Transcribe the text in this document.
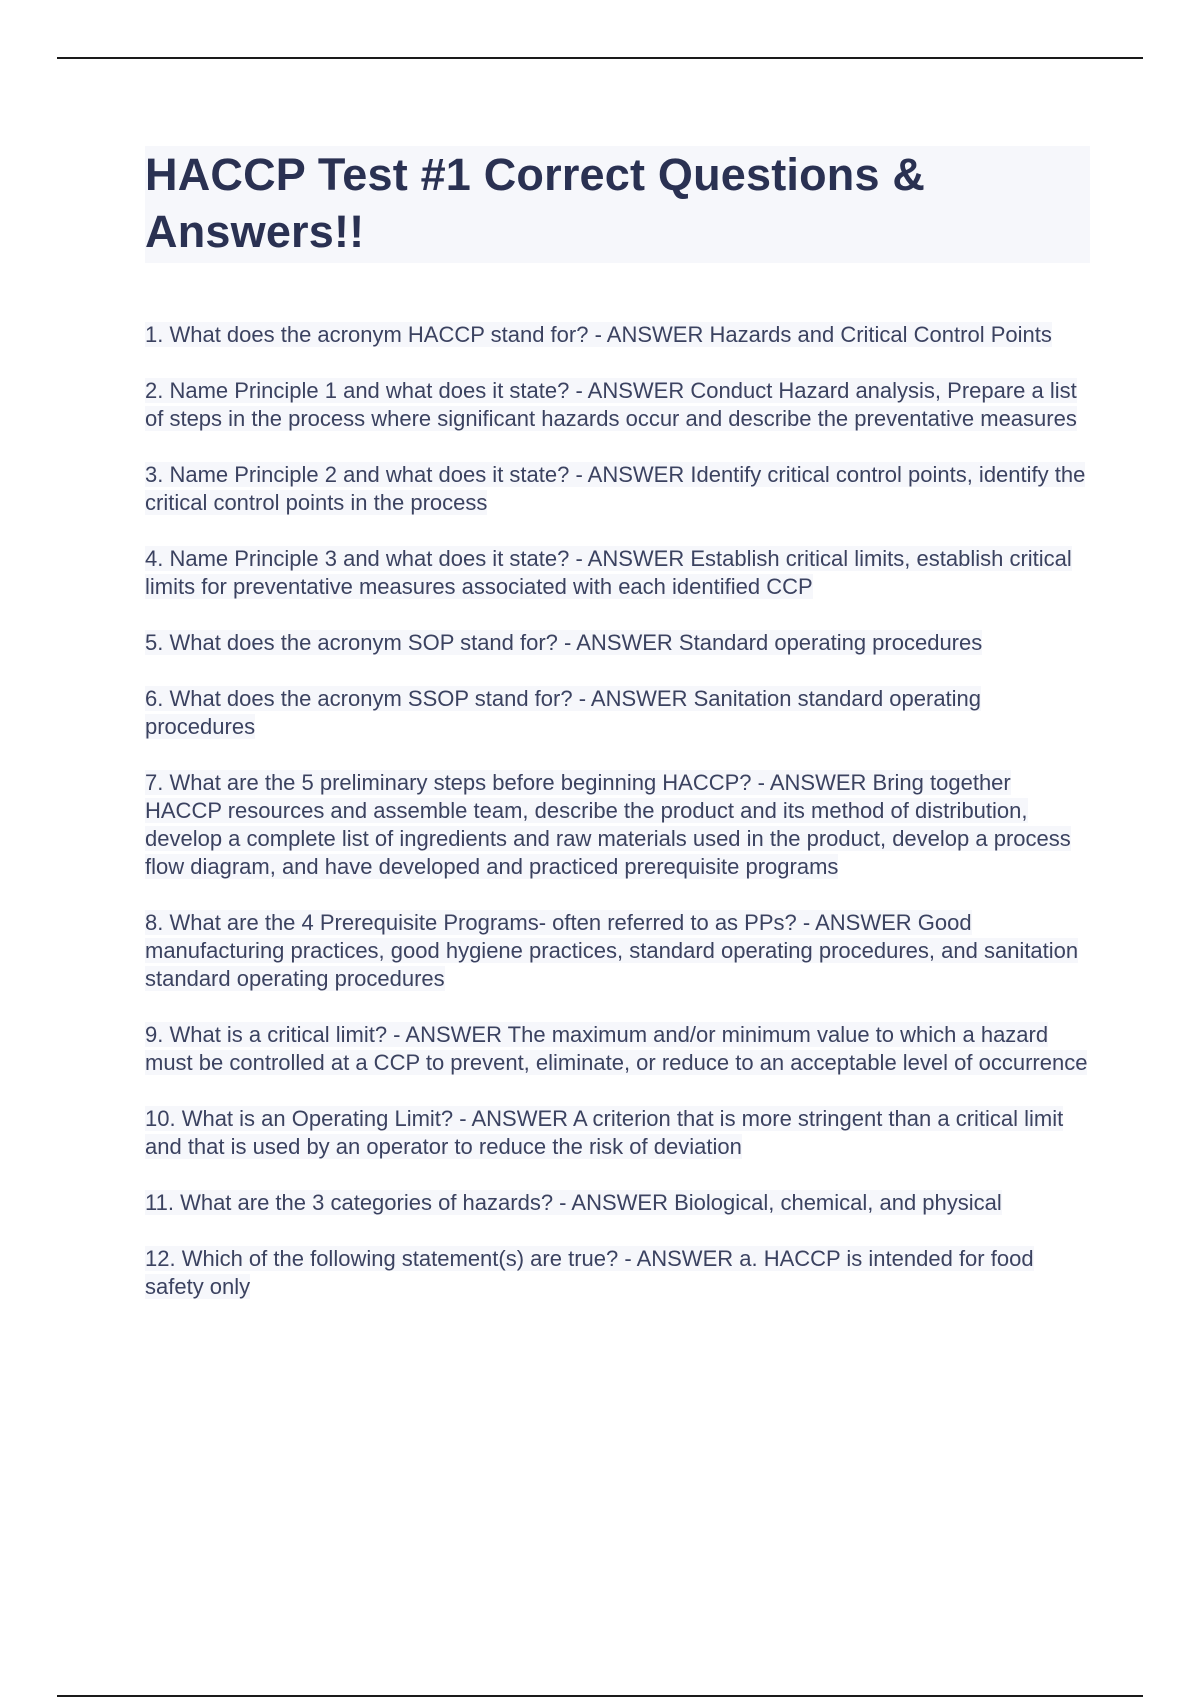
HACCP Test #1 Correct Questions & Answers!!
1. What does the acronym HACCP stand for? - ANSWER Hazards and Critical Control Points
2. Name Principle 1 and what does it state? - ANSWER Conduct Hazard analysis, Prepare a list of steps in the process where significant hazards occur and describe the preventative measures
3. Name Principle 2 and what does it state? - ANSWER Identify critical control points, identify the critical control points in the process
4. Name Principle 3 and what does it state? - ANSWER Establish critical limits, establish critical limits for preventative measures associated with each identified CCP
5. What does the acronym SOP stand for? - ANSWER Standard operating procedures
6. What does the acronym SSOP stand for? - ANSWER Sanitation standard operating procedures
7. What are the 5 preliminary steps before beginning HACCP? - ANSWER Bring together HACCP resources and assemble team, describe the product and its method of distribution, develop a complete list of ingredients and raw materials used in the product, develop a process flow diagram, and have developed and practiced prerequisite programs
8. What are the 4 Prerequisite Programs- often referred to as PPs? - ANSWER Good manufacturing practices, good hygiene practices, standard operating procedures, and sanitation standard operating procedures
9. What is a critical limit? - ANSWER The maximum and/or minimum value to which a hazard must be controlled at a CCP to prevent, eliminate, or reduce to an acceptable level of occurrence
10. What is an Operating Limit? - ANSWER A criterion that is more stringent than a critical limit and that is used by an operator to reduce the risk of deviation
11. What are the 3 categories of hazards? - ANSWER Biological, chemical, and physical
12. Which of the following statement(s) are true? - ANSWER a. HACCP is intended for food safety only
